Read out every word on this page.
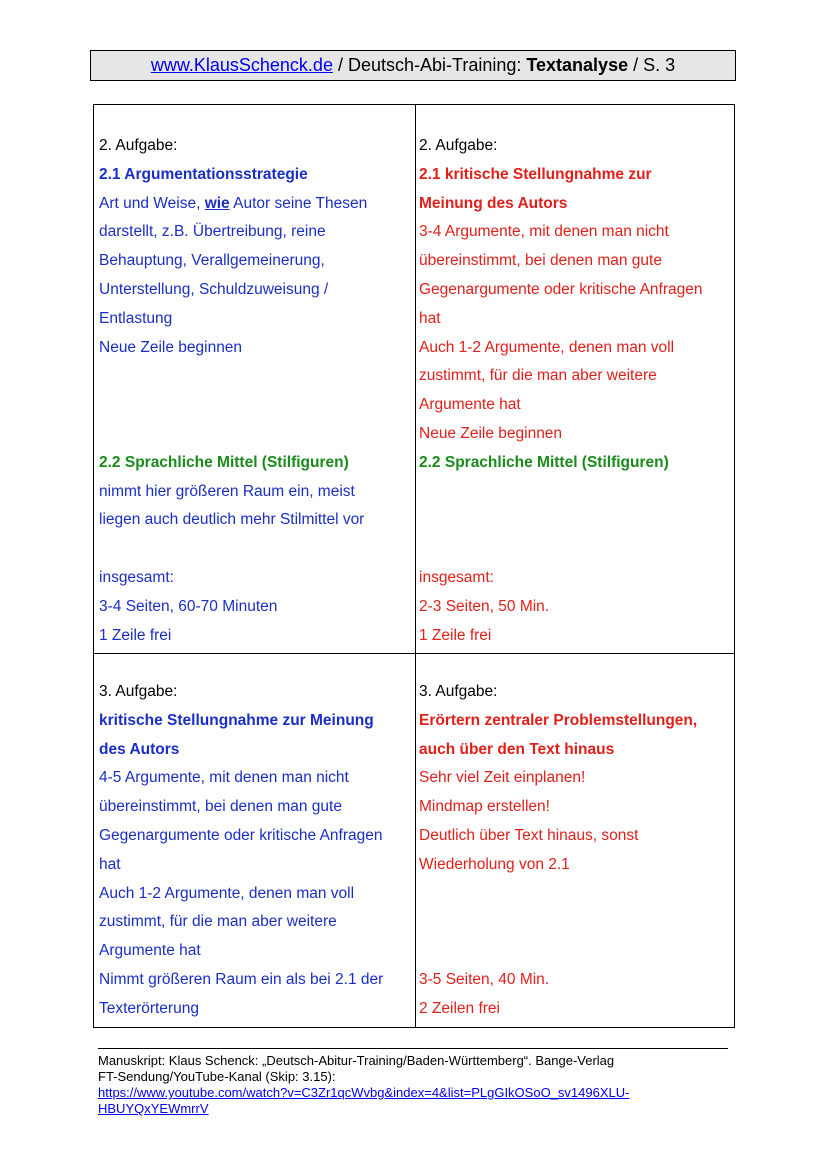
www.KlausSchenck.de / Deutsch-Abi-Training: Textanalyse / S. 3
2. Aufgabe:
2.1 Argumentationsstrategie
Art und Weise, wie Autor seine Thesen
darstellt, z.B. Übertreibung, reine
Behauptung, Verallgemeinerung,
Unterstellung, Schuldzuweisung /
Entlastung
Neue Zeile beginnen
2.2 Sprachliche Mittel (Stilfiguren)
nimmt hier größeren Raum ein, meist
liegen auch deutlich mehr Stilmittel vor
insgesamt:
3-4 Seiten, 60-70 Minuten
1 Zeile frei
2. Aufgabe:
2.1 kritische Stellungnahme zur
Meinung des Autors
3-4 Argumente, mit denen man nicht
übereinstimmt, bei denen man gute
Gegenargumente oder kritische Anfragen
hat
Auch 1-2 Argumente, denen man voll
zustimmt, für die man aber weitere
Argumente hat
Neue Zeile beginnen
2.2 Sprachliche Mittel (Stilfiguren)
insgesamt:
2-3 Seiten, 50 Min.
1 Zeile frei
3. Aufgabe:
kritische Stellungnahme zur Meinung
des Autors
4-5 Argumente, mit denen man nicht
übereinstimmt, bei denen man gute
Gegenargumente oder kritische Anfragen
hat
Auch 1-2 Argumente, denen man voll
zustimmt, für die man aber weitere
Argumente hat
Nimmt größeren Raum ein als bei 2.1 der
Texterörterung
3. Aufgabe:
Erörtern zentraler Problemstellungen,
auch über den Text hinaus
Sehr viel Zeit einplanen!
Mindmap erstellen!
Deutlich über Text hinaus, sonst
Wiederholung von 2.1
3-5 Seiten, 40 Min.
2 Zeilen frei
Manuskript: Klaus Schenck: „Deutsch-Abitur-Training/Baden-Württemberg“. Bange-Verlag
FT-Sendung/YouTube-Kanal (Skip: 3.15):
https://www.youtube.com/watch?v=C3Zr1qcWvbg&index=4&list=PLgGIkOSoO_sv1496XLU-
HBUYQxYEWmrrV
